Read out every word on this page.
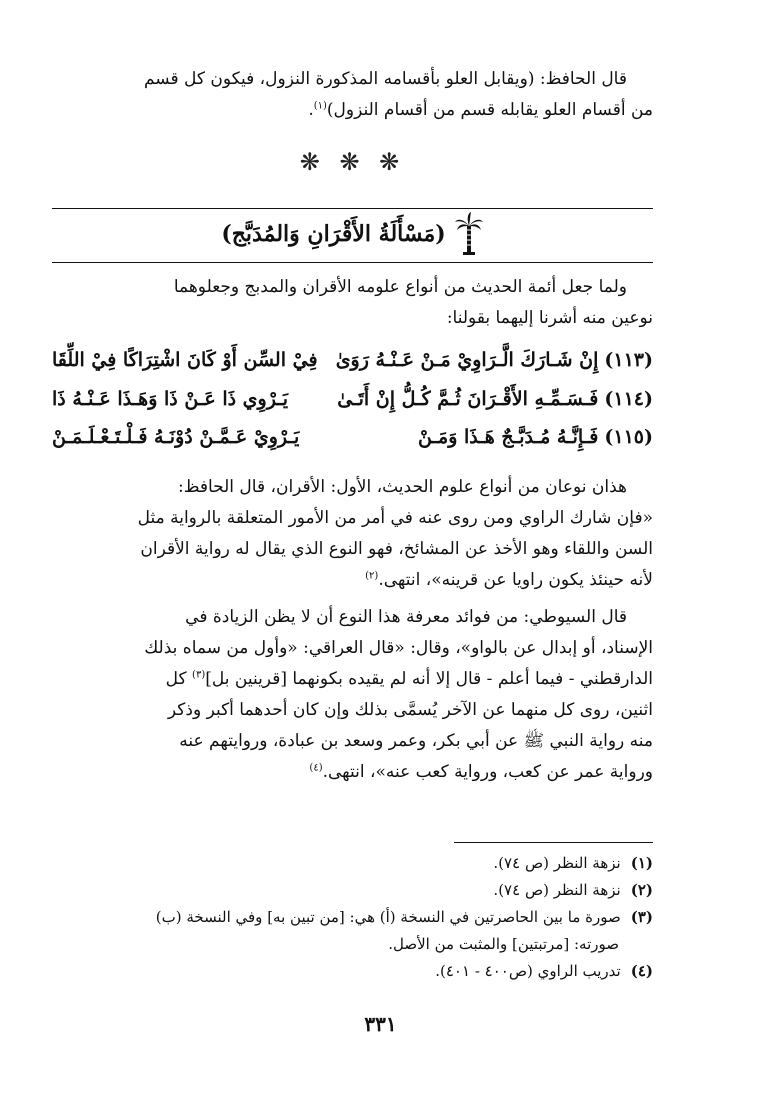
قال الحافظ: (ويقابل العلو بأقسامه المذكورة النزول، فيكون كل قسم

من أقسام العلو يقابله قسم من أقسام النزول)$^{(١)}$.

❋ ❋ ❋
(مَسْأَلَةُ الأَقْرَانِ وَالمُدَبَّج)

ولما جعل أئمة الحديث من أنواع علومه الأقران والمدبج وجعلوهما

نوعين منه أشرنا إليهما بقولنا:

(١١٣)
إِنْ شَـارَكَ الَّـرَاوِيْ مَـنْ عَـنْـهُ رَوَىٰ
فِيْ السِّن أَوْ كَانَ اشْتِرَاكًا فِيْ اللِّقَا
(١١٤)
فَـسَـمِّـهِ الأَقْـرَانَ ثُـمَّ كُـلُّ إِنْ أَتَـىٰ
يَـرْوِي ذَا عَـنْ ذَا وَهَـذَا عَـنْـهُ ذَا
(١١٥)
فَـإِنَّـهُ مُـدَبَّـجٌ هَـذَا وَمَـنْ
يَـرْوِيْ عَـمَّـنْ دُوْنَـهُ فَـلْـتَـعْـلَـمَـنْ

هذان نوعان من أنواع علوم الحديث، الأول: الأقران، قال الحافظ:

«فإن شارك الراوي ومن روى عنه في أمر من الأمور المتعلقة بالرواية مثل

السن واللقاء وهو الأخذ عن المشائخ، فهو النوع الذي يقال له رواية الأقران

لأنه حينئذ يكون راويا عن قرينه»، انتهى.$^{(٢)}$

قال السيوطي: من فوائد معرفة هذا النوع أن لا يظن الزيادة في

الإسناد، أو إبدال عن بالواو»، وقال: «قال العراقي: «وأول من سماه بذلك

الدارقطني - فيما أعلم - قال إلا أنه لم يقيده بكونهما [قرينين بل]$^{(٣)}$ كل

اثنين، روى كل منهما عن الآخر يُسمَّى بذلك وإن كان أحدهما أكبر وذكر

منه رواية النبي ﷺ عن أبي بكر، وعمر وسعد بن عبادة، وروايتهم عنه

ورواية عمر عن كعب، ورواية كعب عنه»، انتهى.$^{(٤)}$

(١)
نزهة النظر (ص ٧٤).
(٢)
نزهة النظر (ص ٧٤).
(٣)
صورة ما بين الحاصرتين في النسخة (أ) هي: [من تبين به] وفي النسخة (ب)
صورته: [مرتبتين] والمثبت من الأصل.
(٤)
تدريب الراوي (ص٤٠٠ - ٤٠١).
٣٣١
